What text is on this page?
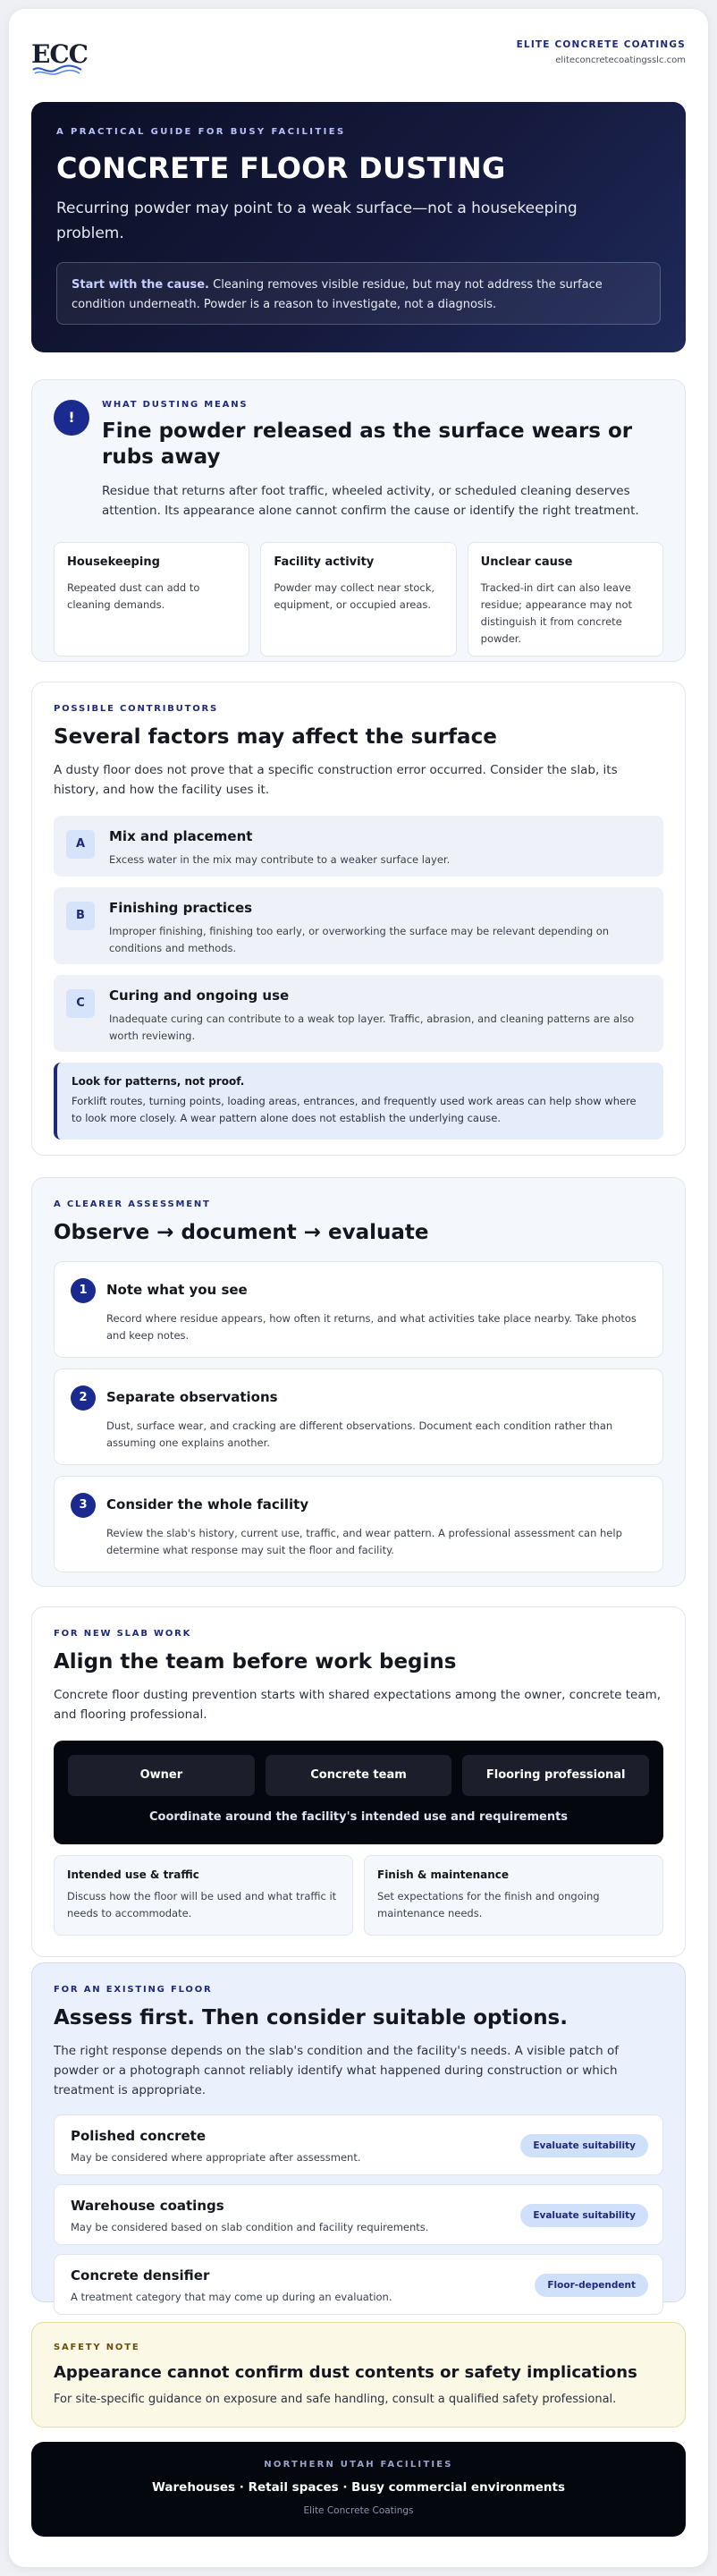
ECC	ELITE CONCRETE COATINGS
eliteconcretecoatingsslc.com
A PRACTICAL GUIDE FOR BUSY FACILITIES
CONCRETE FLOOR DUSTING
Recurring powder may point to a weak surface—not a housekeeping problem.
Start with the cause. Cleaning removes visible residue, but may not address the surface condition underneath. Powder is a reason to investigate, not a diagnosis.
!
WHAT DUSTING MEANS
Fine powder released as the surface wears or rubs away
Residue that returns after foot traffic, wheeled activity, or scheduled cleaning deserves attention. Its appearance alone cannot confirm the cause or identify the right treatment.
Housekeeping

Repeated dust can add to cleaning demands.

Facility activity

Powder may collect near stock, equipment, or occupied areas.

Unclear cause

Tracked-in dirt can also leave residue; appearance may not distinguish it from concrete powder.

POSSIBLE CONTRIBUTORS
Several factors may affect the surface
A dusty floor does not prove that a specific construction error occurred. Consider the slab, its history, and how the facility uses it.
A	Mix and placement

Excess water in the mix may contribute to a weaker surface layer.

B	Finishing practices

Improper finishing, finishing too early, or overworking the surface may be relevant depending on conditions and methods.

C	Curing and ongoing use

Inadequate curing can contribute to a weak top layer. Traffic, abrasion, and cleaning patterns are also worth reviewing.

Look for patterns, not proof.

Forklift routes, turning points, loading areas, entrances, and frequently used work areas can help show where to look more closely. A wear pattern alone does not establish the underlying cause.

A CLEARER ASSESSMENT
Observe → document → evaluate
1	Note what you see

Record where residue appears, how often it returns, and what activities take place nearby. Take photos and keep notes.

2	Separate observations

Dust, surface wear, and cracking are different observations. Document each condition rather than assuming one explains another.

3	Consider the whole facility

Review the slab's history, current use, traffic, and wear pattern. A professional assessment can help determine what response may suit the floor and facility.

FOR NEW SLAB WORK
Align the team before work begins
Concrete floor dusting prevention starts with shared expectations among the owner, concrete team, and flooring professional.
Owner	Concrete team	Flooring professional
Coordinate around the facility's intended use and requirements
Intended use & traffic

Discuss how the floor will be used and what traffic it needs to accommodate.

Finish & maintenance

Set expectations for the finish and ongoing maintenance needs.

FOR AN EXISTING FLOOR
Assess first. Then consider suitable options.
The right response depends on the slab's condition and the facility's needs. A visible patch of powder or a photograph cannot reliably identify what happened during construction or which treatment is appropriate.
Polished concrete

May be considered where appropriate after assessment.

Evaluate suitability
Warehouse coatings

May be considered based on slab condition and facility requirements.

Evaluate suitability
Concrete densifier

A treatment category that may come up during an evaluation.

Floor-dependent
SAFETY NOTE
Appearance cannot confirm dust contents or safety implications

For site-specific guidance on exposure and safe handling, consult a qualified safety professional.

NORTHERN UTAH FACILITIES
Warehouses · Retail spaces · Busy commercial environments
Elite Concrete Coatings
